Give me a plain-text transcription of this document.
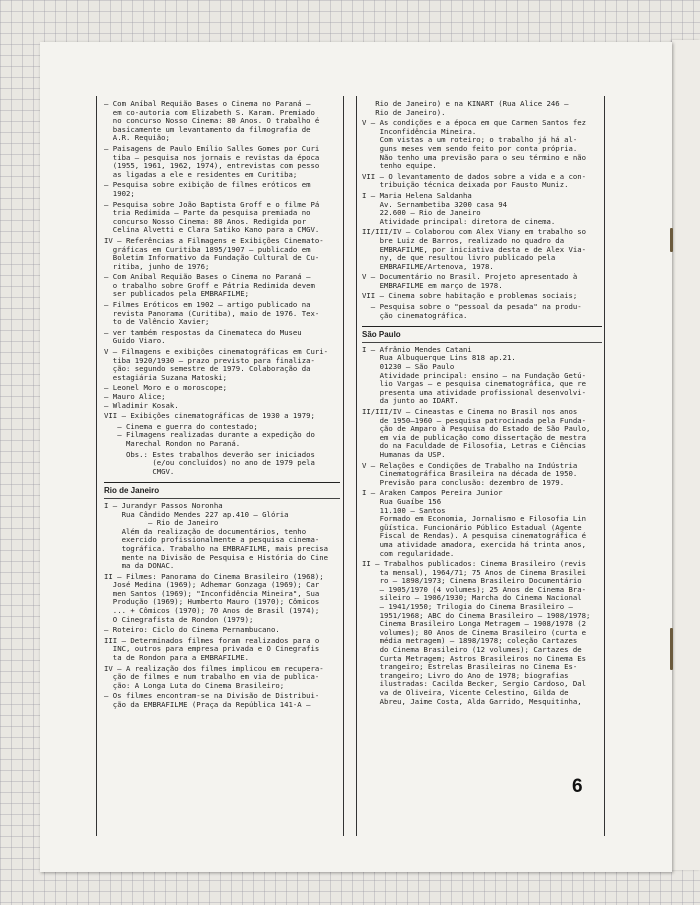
– Com Aníbal Requião Bases o Cinema no Paraná –
em co-autoria com Elizabeth S. Karam. Premiado
no concurso Nosso Cinema: 80 Anos. O trabalho é
basicamente um levantamento da filmografia de
A.R. Requião;
– Paisagens de Paulo Emílio Salles Gomes por Curi
tiba – pesquisa nos jornais e revistas da época
(1955, 1961, 1962, 1974), entrevistas com pesso
as ligadas a ele e residentes em Curitiba;
– Pesquisa sobre exibição de filmes eróticos em
1902;
– Pesquisa sobre João Baptista Groff e o filme Pá
tria Redimida – Parte da pesquisa premiada no
concurso Nosso Cinema: 80 Anos. Redigida por
Celina Alvetti e Clara Satiko Kano para a CMGV.
IV – Referências a Filmagens e Exibições Cinemato-
gráficas em Curitiba 1895/1907 – publicado em
Boletim Informativo da Fundação Cultural de Cu-
ritiba, junho de 1976;
– Com Aníbal Requião Bases o Cinema no Paraná –
o trabalho sobre Groff e Pátria Redimida devem
ser publicados pela EMBRAFILME;
– Filmes Eróticos em 1902 – artigo publicado na
revista Panorama (Curitiba), maio de 1976. Tex-
to de Valêncio Xavier;
– ver também respostas da Cinemateca do Museu
Guido Viaro.
V – Filmagens e exibições cinematográficas em Curi-
tiba 1920/1930 – prazo previsto para finaliza-
ção: segundo semestre de 1979. Colaboração da
estagiária Suzana Matoski;
– Leonel Moro e o moroscope;
– Mauro Alice;
– Wladimir Kosak.
VII – Exibições cinematográficas de 1930 a 1979;
– Cinema e guerra do contestado;
– Filmagens realizadas durante a expedição do
Marechal Rondon no Paraná.
Obs.: Estes trabalhos deverão ser iniciados
(e/ou concluídos) no ano de 1979 pela
CMGV.
Rio de Janeiro
I – Jurandyr Passos Noronha
Rua Cândido Mendes 227 ap.410 – Glória
– Rio de Janeiro
Além da realização de documentários, tenho
exercido profissionalmente a pesquisa cinema-
tográfica. Trabalho na EMBRAFILME, mais precisa
mente na Divisão de Pesquisa e História do Cine
ma da DONAC.
II – Filmes: Panorama do Cinema Brasileiro (1968);
José Medina (1969); Adhemar Gonzaga (1969); Car
men Santos (1969); "Inconfidência Mineira", Sua
Produção (1969); Humberto Mauro (1970); Cômicos
... + Cômicos (1970); 70 Anos de Brasil (1974);
O Cinegrafista de Rondon (1979);
– Roteiro: Ciclo do Cinema Pernambucano.
III – Determinados filmes foram realizados para o
INC, outros para empresa privada e O Cinegrafis
ta de Rondon para a EMBRAFILME.
IV – A realização dos filmes implicou em recupera-
ção de filmes e num trabalho em via de publica-
ção: A Longa Luta do Cinema Brasileiro;
– Os filmes encontram-se na Divisão de Distribui-
ção da EMBRAFILME (Praça da República 141-A –
Rio de Janeiro) e na KINART (Rua Alice 246 –
Rio de Janeiro).
V – As condições e a época em que Carmen Santos fez
Inconfidência Mineira.
Com vistas a um roteiro; o trabalho já há al-
guns meses vem sendo feito por conta própria.
Não tenho uma previsão para o seu término e não
tenho equipe.
VII – O levantamento de dados sobre a vida e a con-
tribuição técnica deixada por Fausto Muniz.
I – Maria Helena Saldanha
Av. Sernambetiba 3200 casa 94
22.600 – Rio de Janeiro
Atividade principal: diretora de cinema.
II/III/IV – Colaborou com Alex Viany em trabalho so
bre Luiz de Barros, realizado no quadro da
EMBRAFILME, por iniciativa desta e de Alex Via-
ny, de que resultou livro publicado pela
EMBRAFILME/Artenova, 1978.
V – Documentário no Brasil. Projeto apresentado à
EMBRAFILME em março de 1978.
VII – Cinema sobre habitação e problemas sociais;
– Pesquisa sobre o "pessoal da pesada" na produ-
ção cinematográfica.
São Paulo
I – Afrânio Mendes Catani
Rua Albuquerque Lins 818 ap.21.
01230 – São Paulo
Atividade principal: ensino – na Fundação Getú-
lio Vargas – e pesquisa cinematográfica, que re
presenta uma atividade profissional desenvolvi-
da junto ao IDART.
II/III/IV – Cineastas e Cinema no Brasil nos anos
de 1950–1960 – pesquisa patrocinada pela Funda-
ção de Amparo à Pesquisa do Estado de São Paulo,
em via de publicação como dissertação de mestra
do na Faculdade de Filosofia, Letras e Ciências
Humanas da USP.
V – Relações e Condições de Trabalho na Indústria
Cinematográfica Brasileira na década de 1950.
Previsão para conclusão: dezembro de 1979.
I – Araken Campos Pereira Junior
Rua Guaíbe 156
11.100 – Santos
Formado em Economia, Jornalismo e Filosofia Lin
güística. Funcionário Público Estadual (Agente
Fiscal de Rendas). A pesquisa cinematográfica é
uma atividade amadora, exercida há trinta anos,
com regularidade.
II – Trabalhos publicados: Cinema Brasileiro (revis
ta mensal), 1964/71; 75 Anos de Cinema Brasilei
ro – 1898/1973; Cinema Brasileiro Documentário
– 1905/1970 (4 volumes); 25 Anos de Cinema Bra-
sileiro – 1906/1930; Marcha do Cinema Nacional
– 1941/1950; Trilogia do Cinema Brasileiro –
1951/1968; ABC do Cinema Brasileiro – 1908/1978;
Cinema Brasileiro Longa Metragem – 1908/1978 (2
volumes); 80 Anos de Cinema Brasileiro (curta e
média metragem) – 1898/1978; coleção Cartazes
do Cinema Brasileiro (12 volumes); Cartazes de
Curta Metragem; Astros Brasileiros no Cinema Es
trangeiro; Estrelas Brasileiras no Cinema Es-
trangeiro; Livro do Ano de 1978; biografias
ilustradas: Cacilda Becker, Sergio Cardoso, Dal
va de Oliveira, Vicente Celestino, Gilda de
Abreu, Jaime Costa, Alda Garrido, Mesquitinha,
6
